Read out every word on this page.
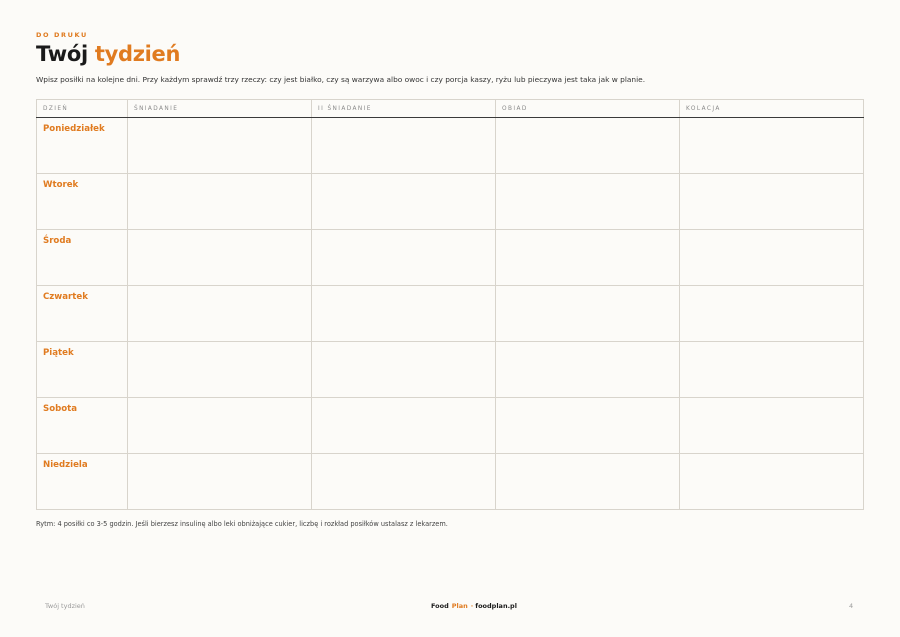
DO DRUKU
Twój tydzień

Wpisz posiłki na kolejne dni. Przy każdym sprawdź trzy rzeczy: czy jest białko, czy są warzywa albo owoc i czy porcja kaszy, ryżu lub pieczywa jest taka jak w planie.

DZIEŃ	ŚNIADANIE	II ŚNIADANIE	OBIAD	KOLACJA
Poniedziałek				
Wtorek				
Środa				
Czwartek				
Piątek				
Sobota				
Niedziela				

Rytm: 4 posiłki co 3-5 godzin. Jeśli bierzesz insulinę albo leki obniżające cukier, liczbę i rozkład posiłków ustalasz z lekarzem.

Twój tydzień	Food Plan · foodplan.pl	4
